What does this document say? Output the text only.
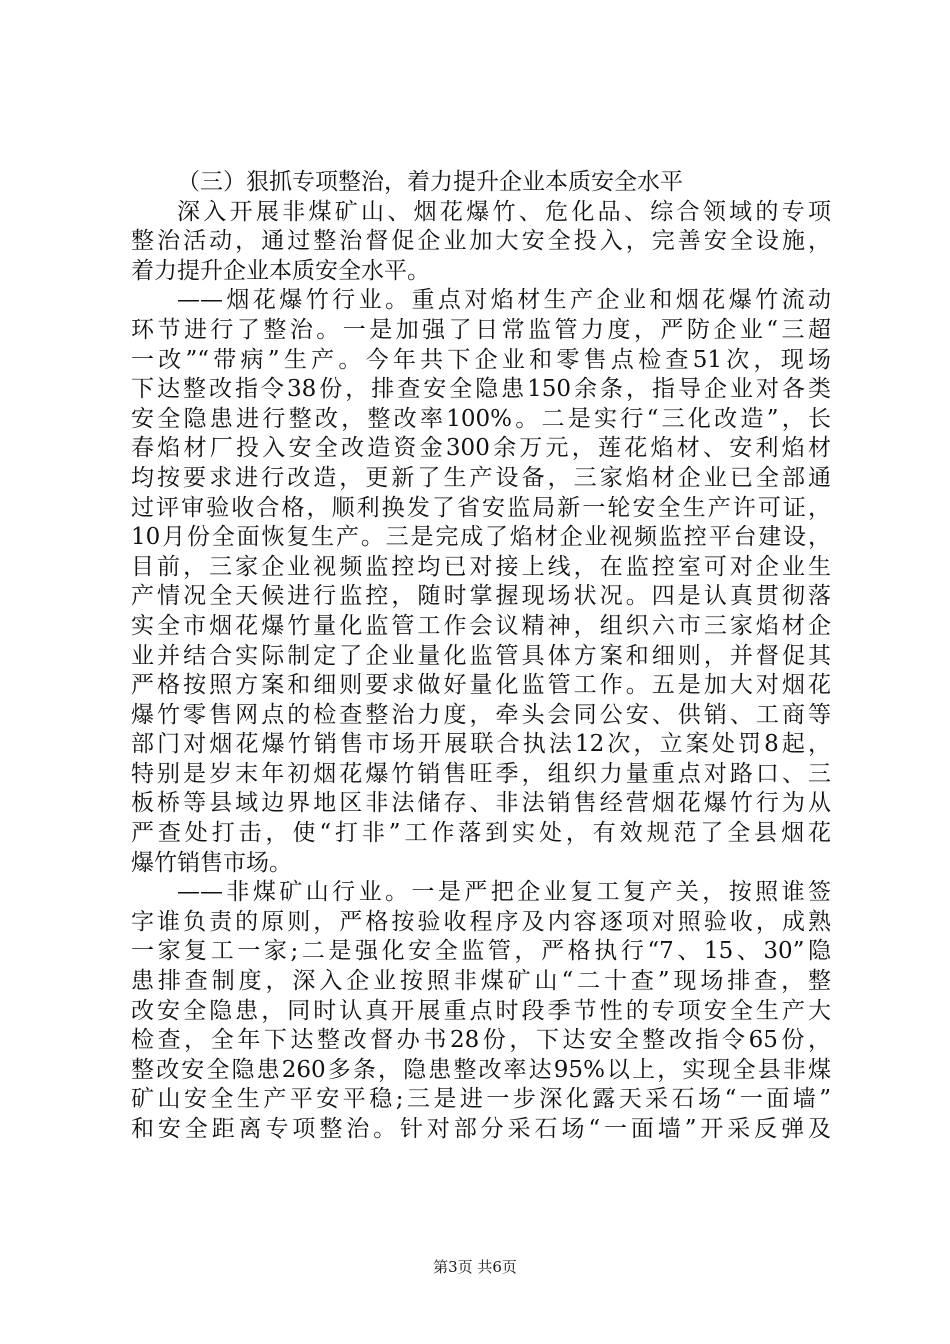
（三）狠抓专项整治，着力提升企业本质安全水平
深入开展非煤矿山、烟花爆竹、危化品、综合领域的专项
整治活动，通过整治督促企业加大安全投入，完善安全设施，
着力提升企业本质安全水平。
——烟花爆竹行业。重点对焰材生产企业和烟花爆竹流动
环节进行了整治。一是加强了日常监管力度，严防企业“三超
一改”“带病”生产。今年共下企业和零售点检查51次，现场
下达整改指令38份，排查安全隐患150余条，指导企业对各类
安全隐患进行整改，整改率100%。二是实行“三化改造”，长
春焰材厂投入安全改造资金300余万元，莲花焰材、安利焰材
均按要求进行改造，更新了生产设备，三家焰材企业已全部通
过评审验收合格，顺利换发了省安监局新一轮安全生产许可证，
10月份全面恢复生产。三是完成了焰材企业视频监控平台建设，
目前，三家企业视频监控均已对接上线，在监控室可对企业生
产情况全天候进行监控，随时掌握现场状况。四是认真贯彻落
实全市烟花爆竹量化监管工作会议精神，组织六市三家焰材企
业并结合实际制定了企业量化监管具体方案和细则，并督促其
严格按照方案和细则要求做好量化监管工作。五是加大对烟花
爆竹零售网点的检查整治力度，牵头会同公安、供销、工商等
部门对烟花爆竹销售市场开展联合执法12次，立案处罚8起，
特别是岁末年初烟花爆竹销售旺季，组织力量重点对路口、三
板桥等县域边界地区非法储存、非法销售经营烟花爆竹行为从
严查处打击，使“打非”工作落到实处，有效规范了全县烟花
爆竹销售市场。
——非煤矿山行业。一是严把企业复工复产关，按照谁签
字谁负责的原则，严格按验收程序及内容逐项对照验收，成熟
一家复工一家;二是强化安全监管，严格执行“7、15、30”隐
患排查制度，深入企业按照非煤矿山“二十查”现场排查，整
改安全隐患，同时认真开展重点时段季节性的专项安全生产大
检查，全年下达整改督办书28份，下达安全整改指令65份，
整改安全隐患260多条，隐患整改率达95%以上，实现全县非煤
矿山安全生产平安平稳;三是进一步深化露天采石场“一面墙”
和安全距离专项整治。针对部分采石场“一面墙”开采反弹及
第3页 共6页
